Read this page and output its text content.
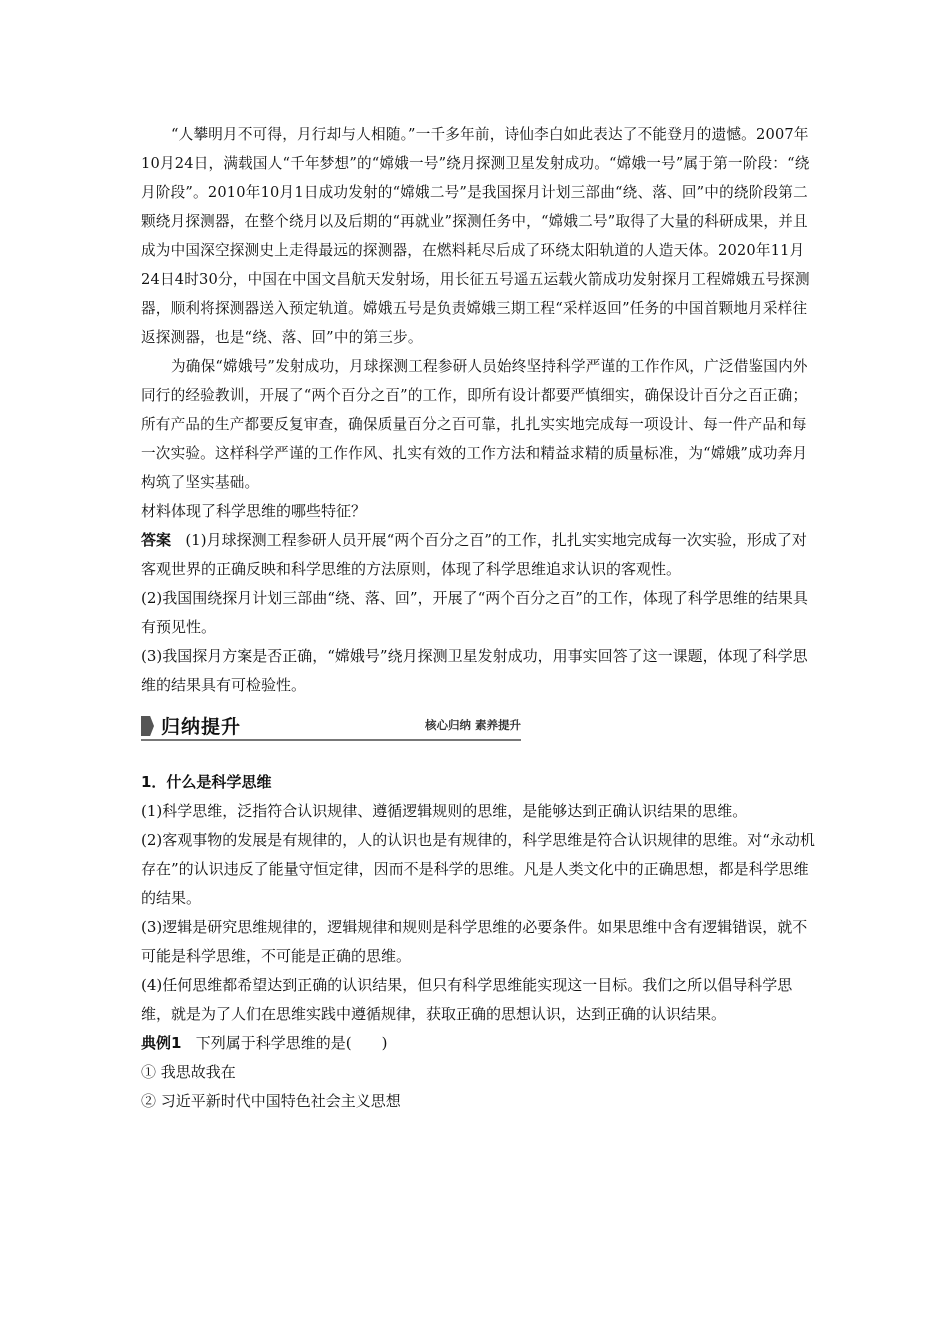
“人攀明月不可得，月行却与人相随。”一千多年前，诗仙李白如此表达了不能登月的遗憾。2007年10月24日，满载国人“千年梦想”的“嫦娥一号”绕月探测卫星发射成功。“嫦娥一号”属于第一阶段：“绕月阶段”。2010年10月1日成功发射的“嫦娥二号”是我国探月计划三部曲“绕、落、回”中的绕阶段第二颗绕月探测器，在整个绕月以及后期的“再就业”探测任务中，“嫦娥二号”取得了大量的科研成果，并且成为中国深空探测史上走得最远的探测器，在燃料耗尽后成了环绕太阳轨道的人造天体。2020年11月24日4时30分，中国在中国文昌航天发射场，用长征五号遥五运载火箭成功发射探月工程嫦娥五号探测器，顺利将探测器送入预定轨道。嫦娥五号是负责嫦娥三期工程“采样返回”任务的中国首颗地月采样往返探测器，也是“绕、落、回”中的第三步。

为确保“嫦娥号”发射成功，月球探测工程参研人员始终坚持科学严谨的工作作风，广泛借鉴国内外同行的经验教训，开展了“两个百分之百”的工作，即所有设计都要严慎细实，确保设计百分之百正确；所有产品的生产都要反复审查，确保质量百分之百可靠，扎扎实实地完成每一项设计、每一件产品和每一次实验。这样科学严谨的工作作风、扎实有效的工作方法和精益求精的质量标准，为“嫦娥”成功奔月构筑了坚实基础。

材料体现了科学思维的哪些特征？

答案 (1)月球探测工程参研人员开展“两个百分之百”的工作，扎扎实实地完成每一次实验，形成了对客观世界的正确反映和科学思维的方法原则，体现了科学思维追求认识的客观性。

(2)我国围绕探月计划三部曲“绕、落、回”，开展了“两个百分之百”的工作，体现了科学思维的结果具有预见性。

(3)我国探月方案是否正确，“嫦娥号”绕月探测卫星发射成功，用事实回答了这一课题，体现了科学思维的结果具有可检验性。

归纳提升	核心归纳 素养提升
1．什么是科学思维

(1)科学思维，泛指符合认识规律、遵循逻辑规则的思维，是能够达到正确认识结果的思维。

(2)客观事物的发展是有规律的，人的认识也是有规律的，科学思维是符合认识规律的思维。对“永动机存在”的认识违反了能量守恒定律，因而不是科学的思维。凡是人类文化中的正确思想，都是科学思维的结果。

(3)逻辑是研究思维规律的，逻辑规律和规则是科学思维的必要条件。如果思维中含有逻辑错误，就不可能是科学思维，不可能是正确的思维。

(4)任何思维都希望达到正确的认识结果，但只有科学思维能实现这一目标。我们之所以倡导科学思维，就是为了人们在思维实践中遵循规律，获取正确的思想认识，达到正确的认识结果。

典例1 下列属于科学思维的是(　　)

① 我思故我在

② 习近平新时代中国特色社会主义思想
